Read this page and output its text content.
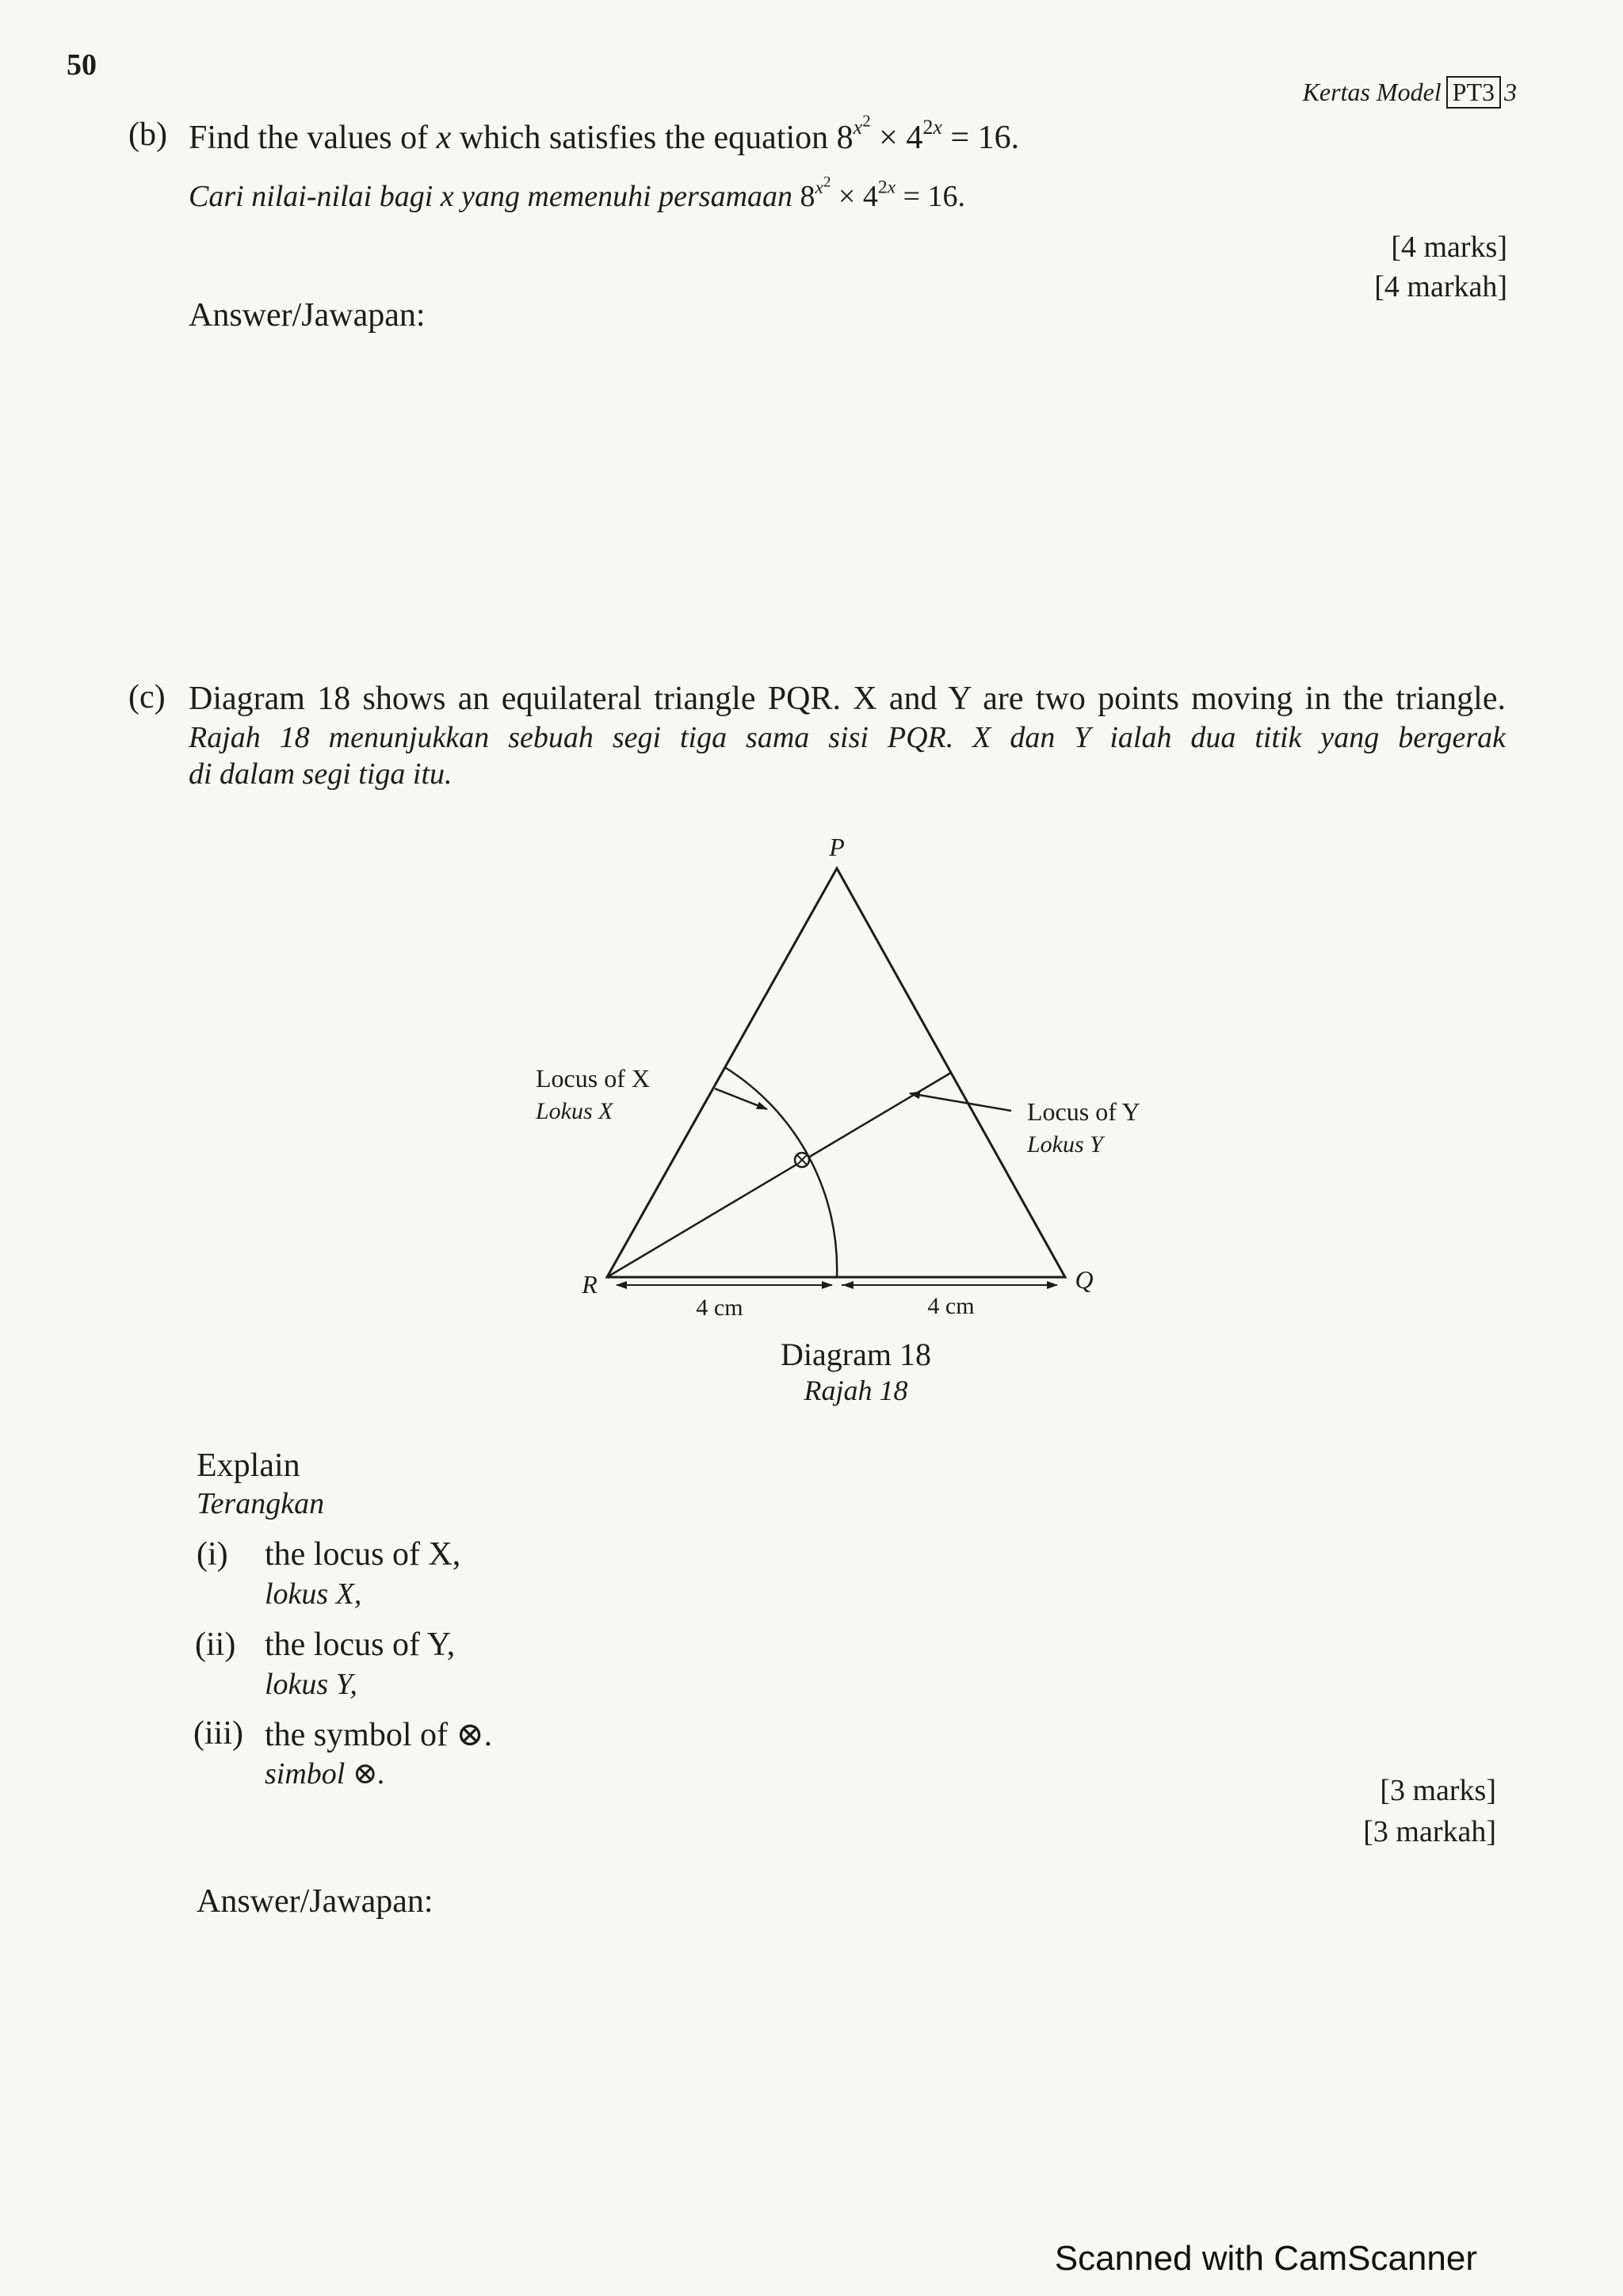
50
Kertas Model PT3 3
(b) Find the values of x which satisfies the equation $8^{x^2} \times 4^{2x} = 16$.
Cari nilai-nilai bagi x yang memenuhi persamaan $8^{x^2} \times 4^{2x} = 16$.
[4 marks]
[4 markah]
Answer/Jawapan:
(c) Diagram 18 shows an equilateral triangle PQR. X and Y are two points moving in the triangle.
Rajah 18 menunjukkan sebuah segi tiga sama sisi PQR. X dan Y ialah dua titik yang bergerak
di dalam segi tiga itu.
P
R	Q
Locus of X
Lokus X	Locus of Y
Lokus Y
4 cm	4 cm
Diagram 18
Rajah 18
Explain
Terangkan
(i) the locus of X,
lokus X,
(ii) the locus of Y,
lokus Y,
(iii) the symbol of ⊗.
simbol ⊗.	[3 marks]
[3 markah]
Answer/Jawapan:
Scanned with CamScanner
